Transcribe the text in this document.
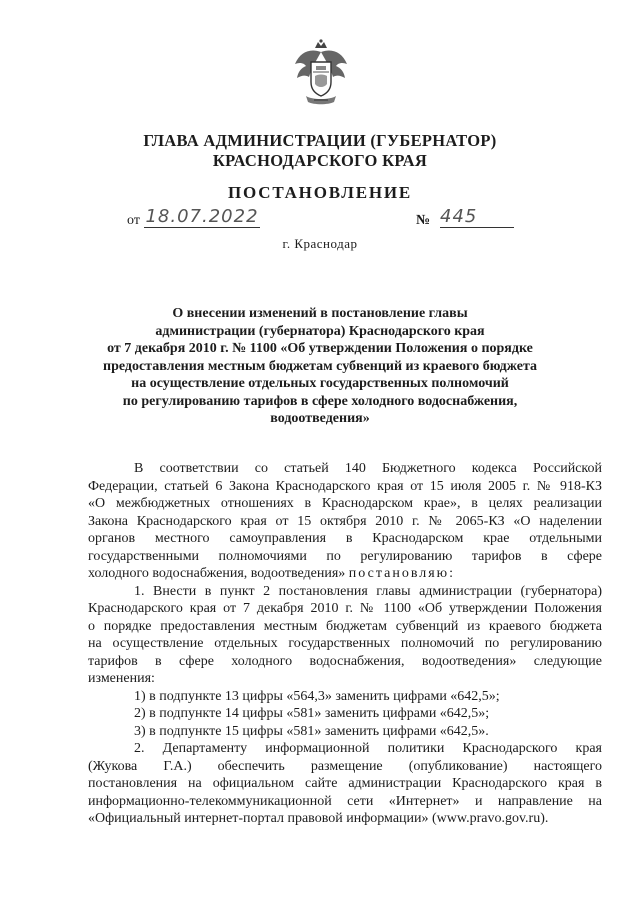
ГЛАВА АДМИНИСТРАЦИИ (ГУБЕРНАТОР)
КРАСНОДАРСКОГО КРАЯ
ПОСТАНОВЛЕНИЕ
от 18.07.2022	№ 445
г. Краснодар
О внесении изменений в постановление главы
администрации (губернатора) Краснодарского края
от 7 декабря 2010 г. № 1100 «Об утверждении Положения о порядке
предоставления местным бюджетам субвенций из краевого бюджета
на осуществление отдельных государственных полномочий
по регулированию тарифов в сфере холодного водоснабжения,
водоотведения»

В соответствии со статьей 140 Бюджетного кодекса Российской

Федерации, статьей 6 Закона Краснодарского края от 15 июля 2005 г. № 918-КЗ

«О межбюджетных отношениях в Краснодарском крае», в целях реализации

Закона Краснодарского края от 15 октября 2010 г. № 2065-КЗ «О наделении

органов местного самоуправления в Краснодарском крае отдельными

государственными полномочиями по регулированию тарифов в сфере

холодного водоснабжения, водоотведения» постановляю:

1. Внести в пункт 2 постановления главы администрации (губернатора)

Краснодарского края от 7 декабря 2010 г. № 1100 «Об утверждении Положения

о порядке предоставления местным бюджетам субвенций из краевого бюджета

на осуществление отдельных государственных полномочий по регулированию

тарифов в сфере холодного водоснабжения, водоотведения» следующие

изменения:

1) в подпункте 13 цифры «564,3» заменить цифрами «642,5»;

2) в подпункте 14 цифры «581» заменить цифрами «642,5»;

3) в подпункте 15 цифры «581» заменить цифрами «642,5».

2. Департаменту информационной политики Краснодарского края

(Жукова Г.А.) обеспечить размещение (опубликование) настоящего

постановления на официальном сайте администрации Краснодарского края в

информационно-телекоммуникационной сети «Интернет» и направление на

«Официальный интернет-портал правовой информации» (www.pravo.gov.ru).
